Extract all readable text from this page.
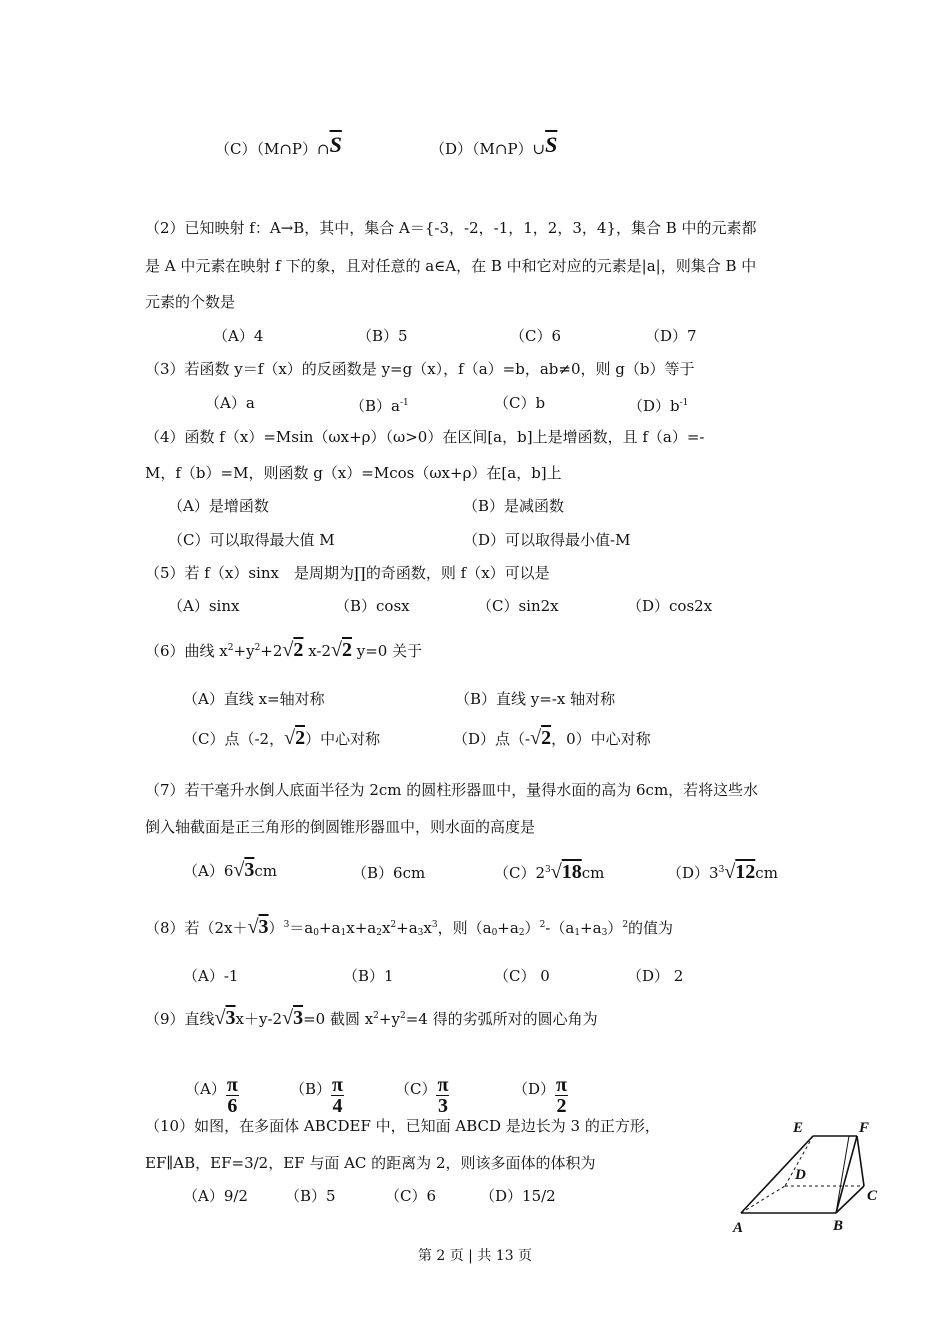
$(C)(M\cap P)\cap\overline{S}$	$(D)(M\cap P)\cup\overline{S}$
（2）已知映射 f：A→B，其中，集合 A＝{-3，-2，-1，1，2，3，4}，集合 B 中的元素都
是 A 中元素在映射 f 下的象，且对任意的 a∈A，在 B 中和它对应的元素是|a|，则集合 B 中
元素的个数是
（A）4	（B）5	（C）6	（D）7
（3）若函数 y＝f（x）的反函数是 y=g（x），f（a）=b，ab≠0，则 g（b）等于
（A）a	$(B)a^{-1}$	（C）b	$(D)b^{-1}$
（4）函数 f（x）=Msin（ωx+ρ）（ω>0）在区间[a，b]上是增函数，且 f（a）=-
M，f（b）=M，则函数 g（x）=Mcos（ωx+ρ）在[a，b]上
（A）是增函数	（B）是减函数
（C）可以取得最大值 M	（D）可以取得最小值-M
（5）若 f（x）sinx　是周期为∏的奇函数，则 f（x）可以是
（A）sinx	（B）cosx	（C）sin2x	（D）cos2x
（6）曲线 $x^2+y^2+2√2$ x-2√2 y=0 关于
（A）直线 x=轴对称	（B）直线 y=-x 轴对称
（C）点（-2，√2）中心对称	（D）点（-√2，0）中心对称
（7）若干毫升水倒人底面半径为 2cm 的圆柱形器皿中，量得水面的高为 6cm，若将这些水
倒入轴截面是正三角形的倒圆锥形器皿中，则水面的高度是
（A）6√3cm	（B）6cm	$(C)2^3√18cm$	$(D)3^3√12cm$
（8）若$(2x+√3)^3=a_0+a_1x+a_2x^2+a_3x^3$，则$(a_0+a_2)^2-(a_1+a_3)^2$的值为
（A）-1	（B）1	（C） 0	（D） 2
（9）直线√3x＋y-2√3=0 截圆 $x^2+y^2=4$ 得的劣弧所对的圆心角为
$(A) \frac{\pi}{6}$	$(B) \frac{\pi}{4}$	$(C) \frac{\pi}{3}$	$(D) \frac{\pi}{2}$
（10）如图，在多面体 ABCDEF 中，已知面 ABCD 是边长为 3 的正方形，
EF∥AB，EF=3/2，EF 与面 AC 的距离为 2，则该多面体的体积为
（A）9/2 （B）5	（C）6	（D）15/2
E	F
D
C
A	B
第 2 页 | 共 13 页
